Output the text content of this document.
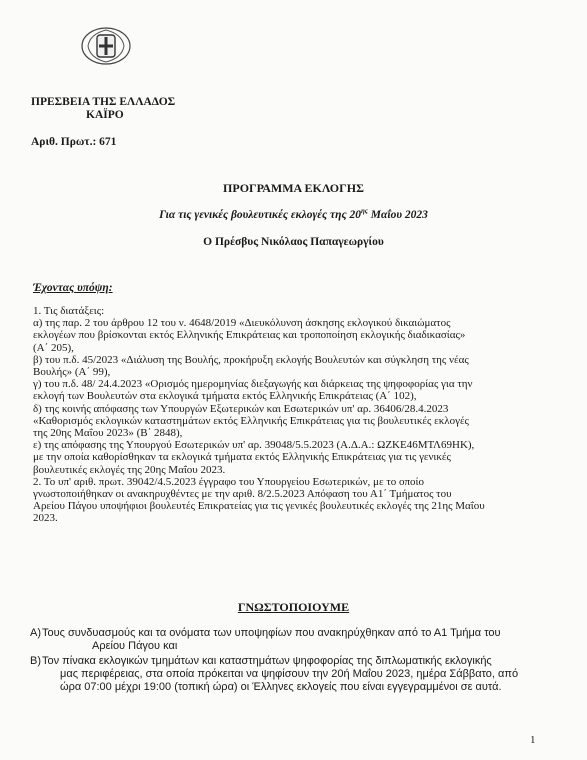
ΠΡΕΣΒΕΙΑ ΤΗΣ ΕΛΛΑΔΟΣ
ΚΑΪΡΟ
Αριθ. Πρωτ.: 671
ΠΡΟΓΡΑΜΜΑ ΕΚΛΟΓΗΣ
Για τις γενικές βουλευτικές εκλογές της $20^{\eta\varsigma}$ Μαΐου 2023
Ο Πρέσβυς Νικόλαος Παπαγεωργίου
Έχοντας υπόψη:
1. Τις διατάξεις:
α) της παρ. 2 του άρθρου 12 του ν. 4648/2019 «Διευκόλυνση άσκησης εκλογικού δικαιώματος
εκλογέων που βρίσκονται εκτός Ελληνικής Επικράτειας και τροποποίηση εκλογικής διαδικασίας»
(Α΄ 205),
β) του π.δ. 45/2023 «Διάλυση της Βουλής, προκήρυξη εκλογής Βουλευτών και σύγκληση της νέας
Βουλής» (Α΄ 99),
γ) του π.δ. 48/ 24.4.2023 «Ορισμός ημερομηνίας διεξαγωγής και διάρκειας της ψηφοφορίας για την
εκλογή των Βουλευτών στα εκλογικά τμήματα εκτός Ελληνικής Επικράτειας (Α΄ 102),
δ) της κοινής απόφασης των Υπουργών Εξωτερικών και Εσωτερικών υπ' αρ. 36406/28.4.2023
«Καθορισμός εκλογικών καταστημάτων εκτός Ελληνικής Επικράτειας για τις βουλευτικές εκλογές
της 20ης Μαΐου 2023» (Β΄ 2848),
ε) της απόφασης της Υπουργού Εσωτερικών υπ' αρ. 39048/5.5.2023 (Α.Δ.Α.: ΩΖΚΕ46ΜΤΛ69ΗΚ),
με την οποία καθορίσθηκαν τα εκλογικά τμήματα εκτός Ελληνικής Επικράτειας για τις γενικές
βουλευτικές εκλογές της 20ης Μαΐου 2023.
2. Το υπ' αριθ. πρωτ. 39042/4.5.2023 έγγραφο του Υπουργείου Εσωτερικών, με το οποίο
γνωστοποιήθηκαν οι ανακηρυχθέντες με την αριθ. 8/2.5.2023 Απόφαση του Α1΄ Τμήματος του
Αρείου Πάγου υποψήφιοι βουλευτές Επικρατείας για τις γενικές βουλευτικές εκλογές της 21ης Μαΐου
2023.
ΓΝΩΣΤΟΠΟΙΟΥΜΕ
Α) Τους συνδυασμούς και τα ονόματα των υποψηφίων που ανακηρύχθηκαν από το Α1 Τμήμα του
Αρείου Πάγου και
Β) Τον πίνακα εκλογικών τμημάτων και καταστημάτων ψηφοφορίας της διπλωματικής εκλογικής
μας περιφέρειας, στα οποία πρόκειται να ψηφίσουν την 20ή Μαΐου 2023, ημέρα Σάββατο, από
ώρα 07:00 μέχρι 19:00 (τοπική ώρα) οι Έλληνες εκλογείς που είναι εγγεγραμμένοι σε αυτά.
1
